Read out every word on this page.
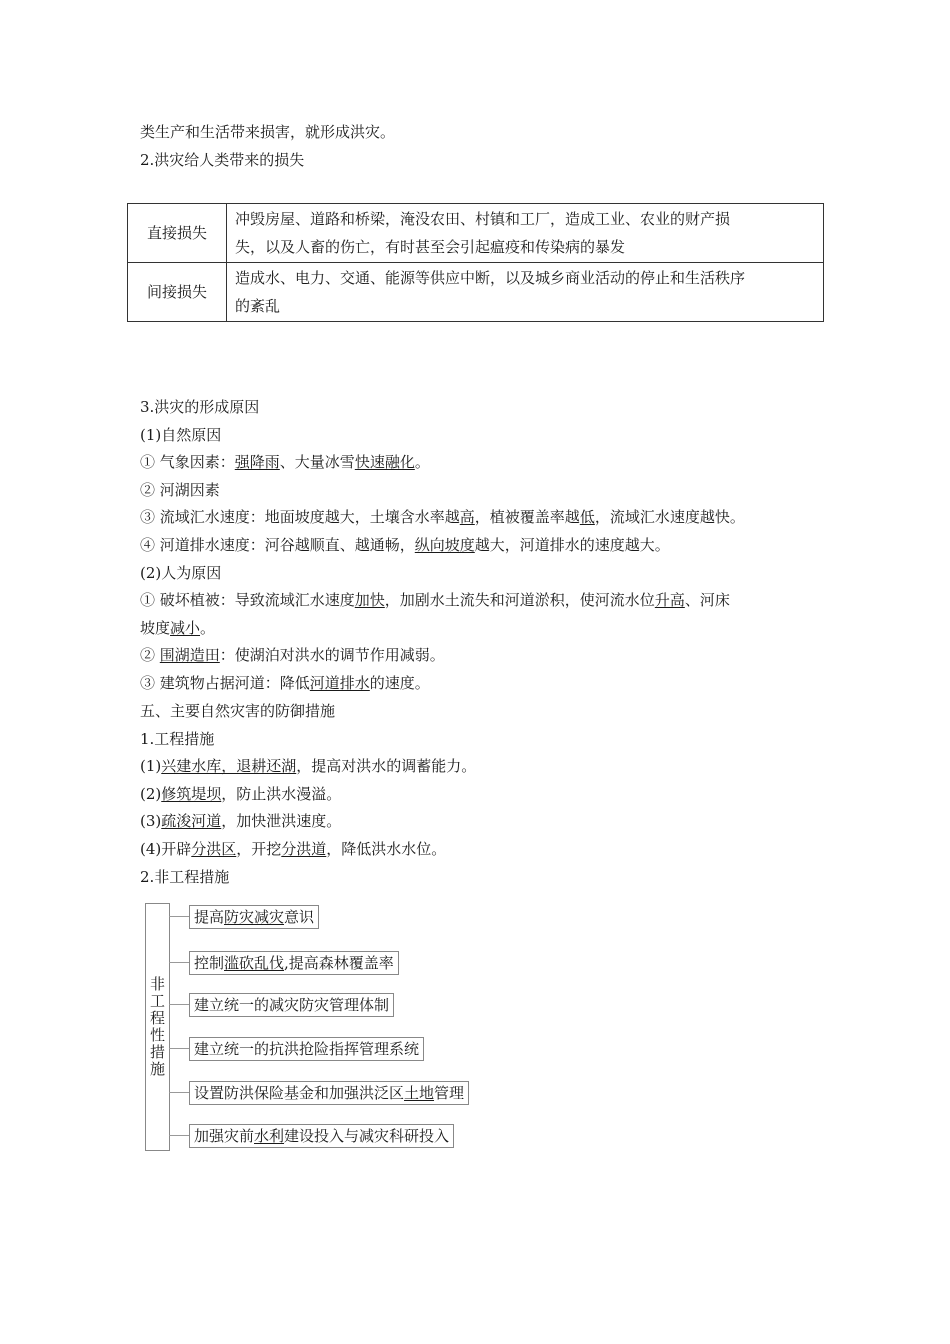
类生产和生活带来损害，就形成洪灾。
2.洪灾给人类带来的损失
直接损失	冲毁房屋、道路和桥梁，淹没农田、村镇和工厂，造成工业、农业的财产损
失，以及人畜的伤亡，有时甚至会引起瘟疫和传染病的暴发

间接损失	造成水、电力、交通、能源等供应中断，以及城乡商业活动的停止和生活秩序
的紊乱
3.洪灾的形成原因
(1)自然原因
① 气象因素：强降雨、大量冰雪快速融化。
② 河湖因素
③ 流域汇水速度：地面坡度越大，土壤含水率越高，植被覆盖率越低，流域汇水速度越快。
④ 河道排水速度：河谷越顺直、越通畅，纵向坡度越大，河道排水的速度越大。
(2)人为原因
① 破坏植被：导致流域汇水速度加快，加剧水土流失和河道淤积，使河流水位升高、河床
坡度减小。
② 围湖造田：使湖泊对洪水的调节作用减弱。
③ 建筑物占据河道：降低河道排水的速度。
五、主要自然灾害的防御措施
1.工程措施
(1)兴建水库，退耕还湖，提高对洪水的调蓄能力。
(2)修筑堤坝，防止洪水漫溢。
(3)疏浚河道，加快泄洪速度。
(4)开辟分洪区，开挖分洪道，降低洪水水位。
2.非工程措施
非
工
程
性
措
施
提高防灾减灾意识
控制滥砍乱伐,提高森林覆盖率
建立统一的减灾防灾管理体制
建立统一的抗洪抢险指挥管理系统
设置防洪保险基金和加强洪泛区土地管理
加强灾前水利建设投入与减灾科研投入
